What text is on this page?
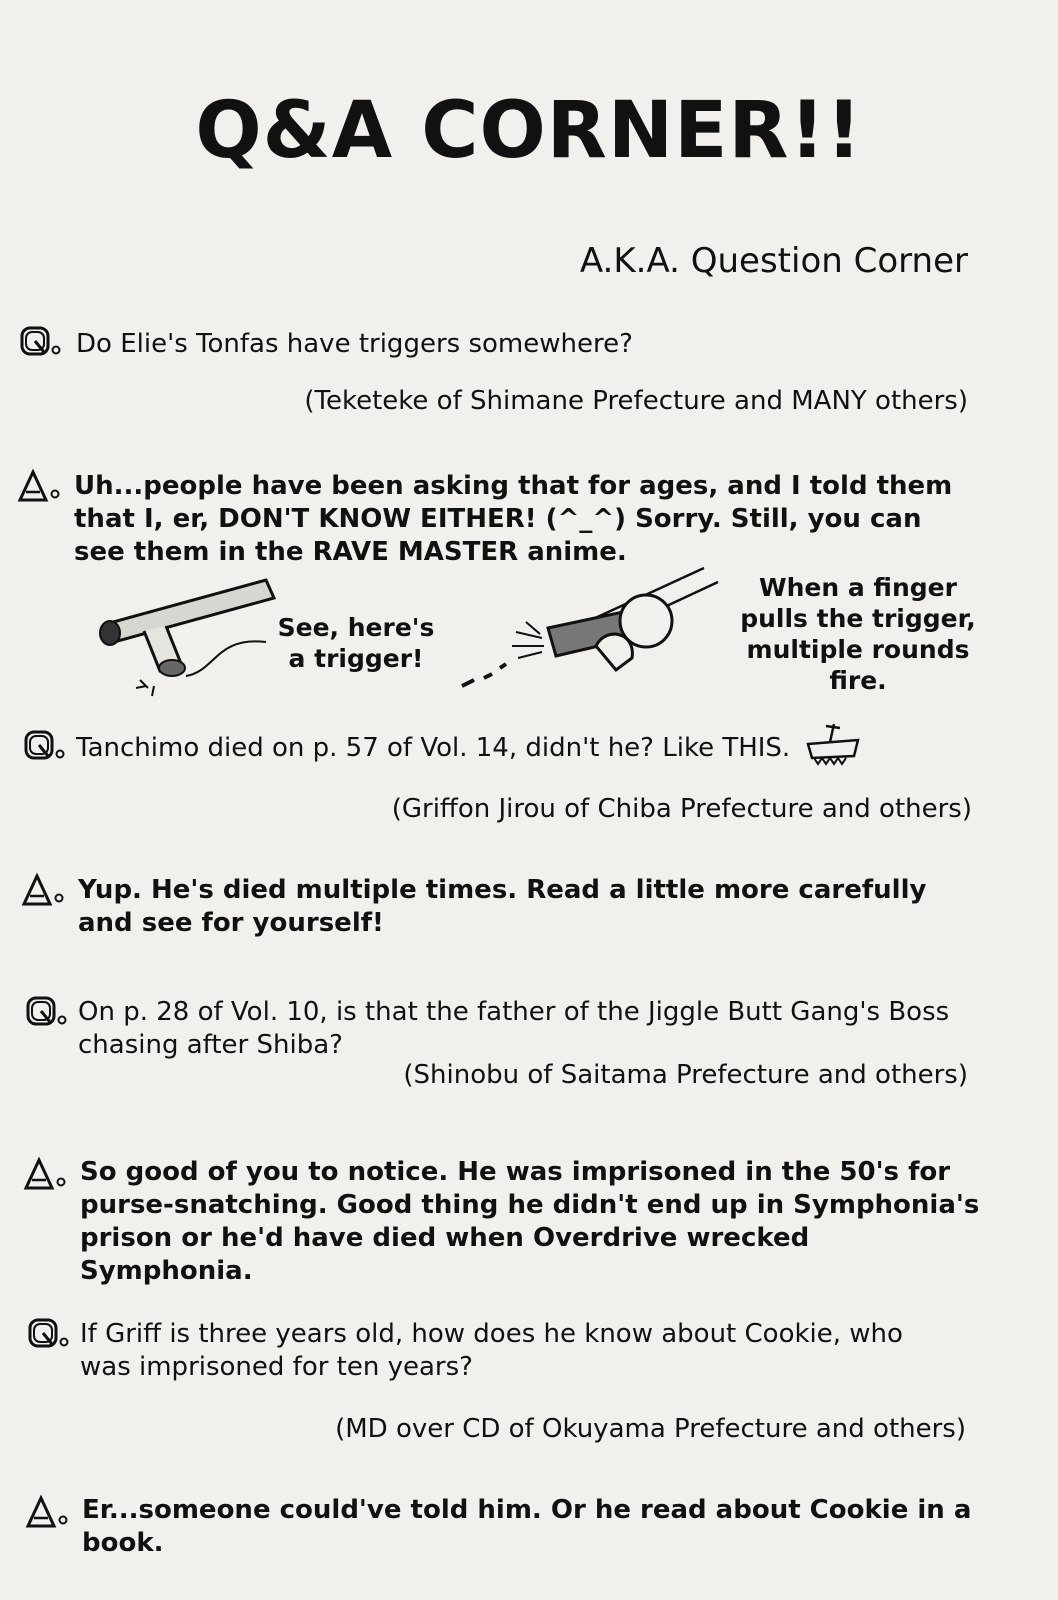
Q&A CORNER!!
A.K.A. Question Corner
Do Elie's Tonfas have triggers somewhere?
(Teketeke of Shimane Prefecture and MANY others)
Uh...people have been asking that for ages, and I told them that I, er, DON'T KNOW EITHER! (^_^) Sorry. Still, you can see them in the RAVE MASTER anime.
See, here's a trigger!
When a finger pulls the trigger, multiple rounds fire.
Tanchimo died on p. 57 of Vol. 14, didn't he? Like THIS.
(Griffon Jirou of Chiba Prefecture and others)
Yup. He's died multiple times. Read a little more carefully and see for yourself!
On p. 28 of Vol. 10, is that the father of the Jiggle Butt Gang's Boss chasing after Shiba?
(Shinobu of Saitama Prefecture and others)
So good of you to notice. He was imprisoned in the 50's for purse-snatching. Good thing he didn't end up in Symphonia's prison or he'd have died when Overdrive wrecked Symphonia.
If Griff is three years old, how does he know about Cookie, who was imprisoned for ten years?
(MD over CD of Okuyama Prefecture and others)
Er...someone could've told him. Or he read about Cookie in a book.
